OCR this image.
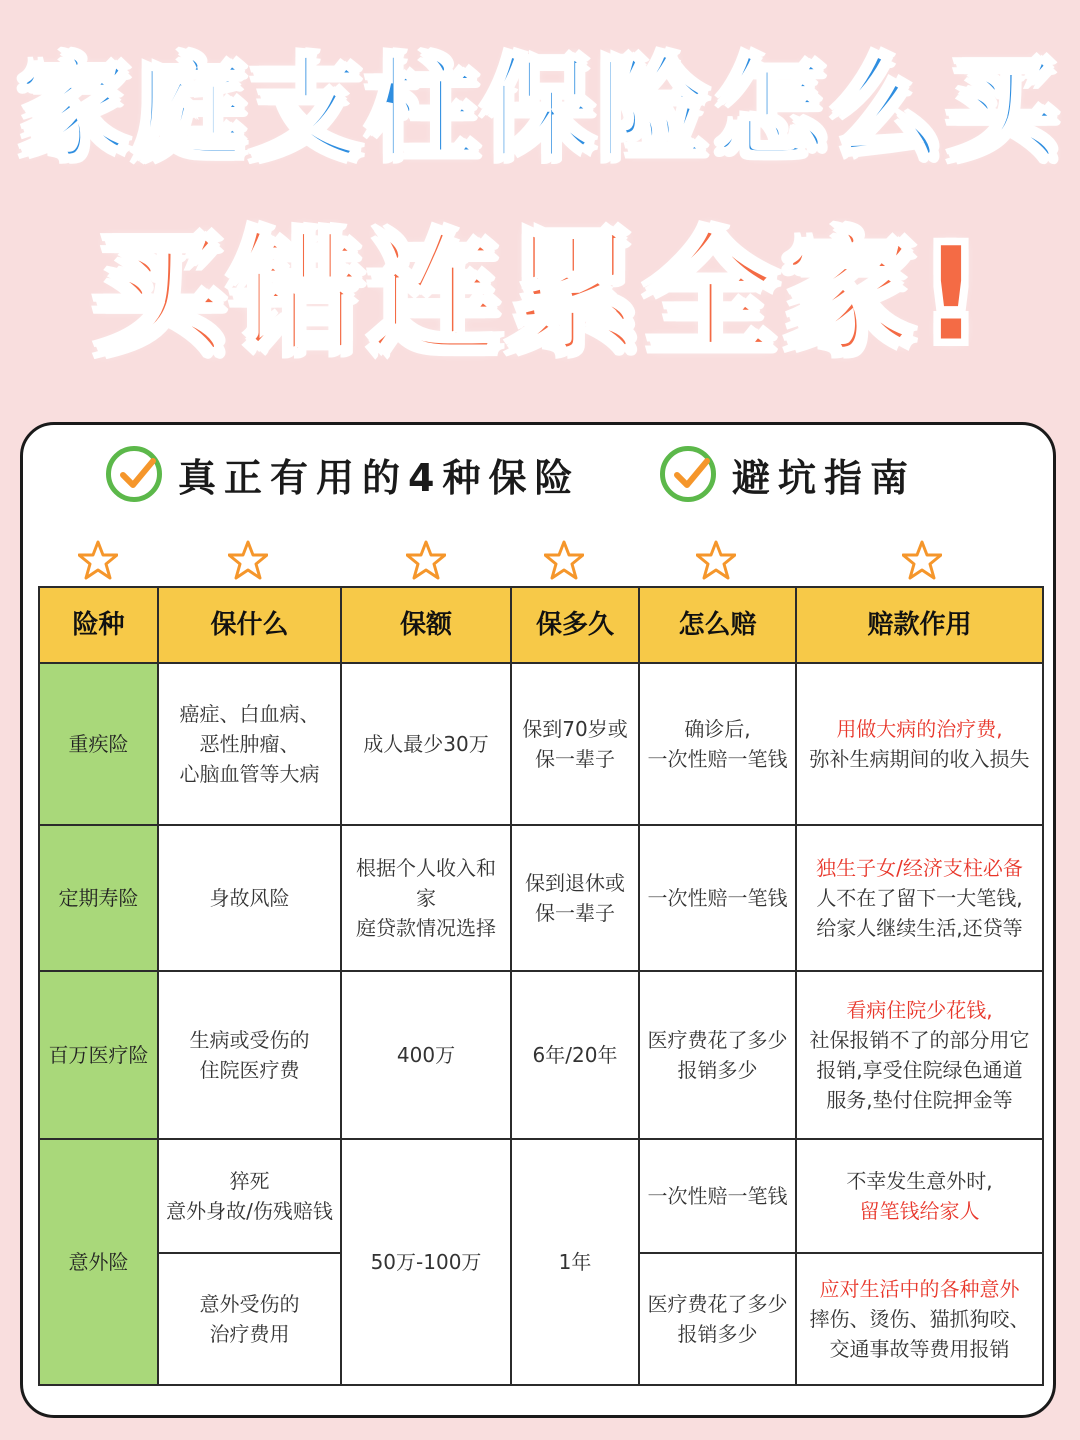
家庭支柱保险怎么买
买错连累全家!
真正有用的4种保险	避坑指南
险种	保什么	保额	保多久	怎么赔	赔款作用
重疾险	癌症、白血病、
恶性肿瘤、
心脑血管等大病	成人最少30万	保到70岁或
保一辈子	确诊后,
一次性赔一笔钱	用做大病的治疗费,
弥补生病期间的收入损失

定期寿险	身故风险	根据个人收入和家
庭贷款情况选择	保到退休或
保一辈子	一次性赔一笔钱	独生子女/经济支柱必备
人不在了留下一大笔钱,
给家人继续生活,还贷等

百万医疗险	生病或受伤的
住院医疗费	400万	6年/20年	医疗费花了多少
报销多少	看病住院少花钱,
社保报销不了的部分用它
报销,享受住院绿色通道
服务,垫付住院押金等

意外险	猝死
意外身故/伤残赔钱	50万-100万	1年	一次性赔一笔钱	不幸发生意外时,
留笔钱给家人

	意外受伤的
治疗费用			医疗费花了多少
报销多少	应对生活中的各种意外
摔伤、烫伤、猫抓狗咬、
交通事故等费用报销
